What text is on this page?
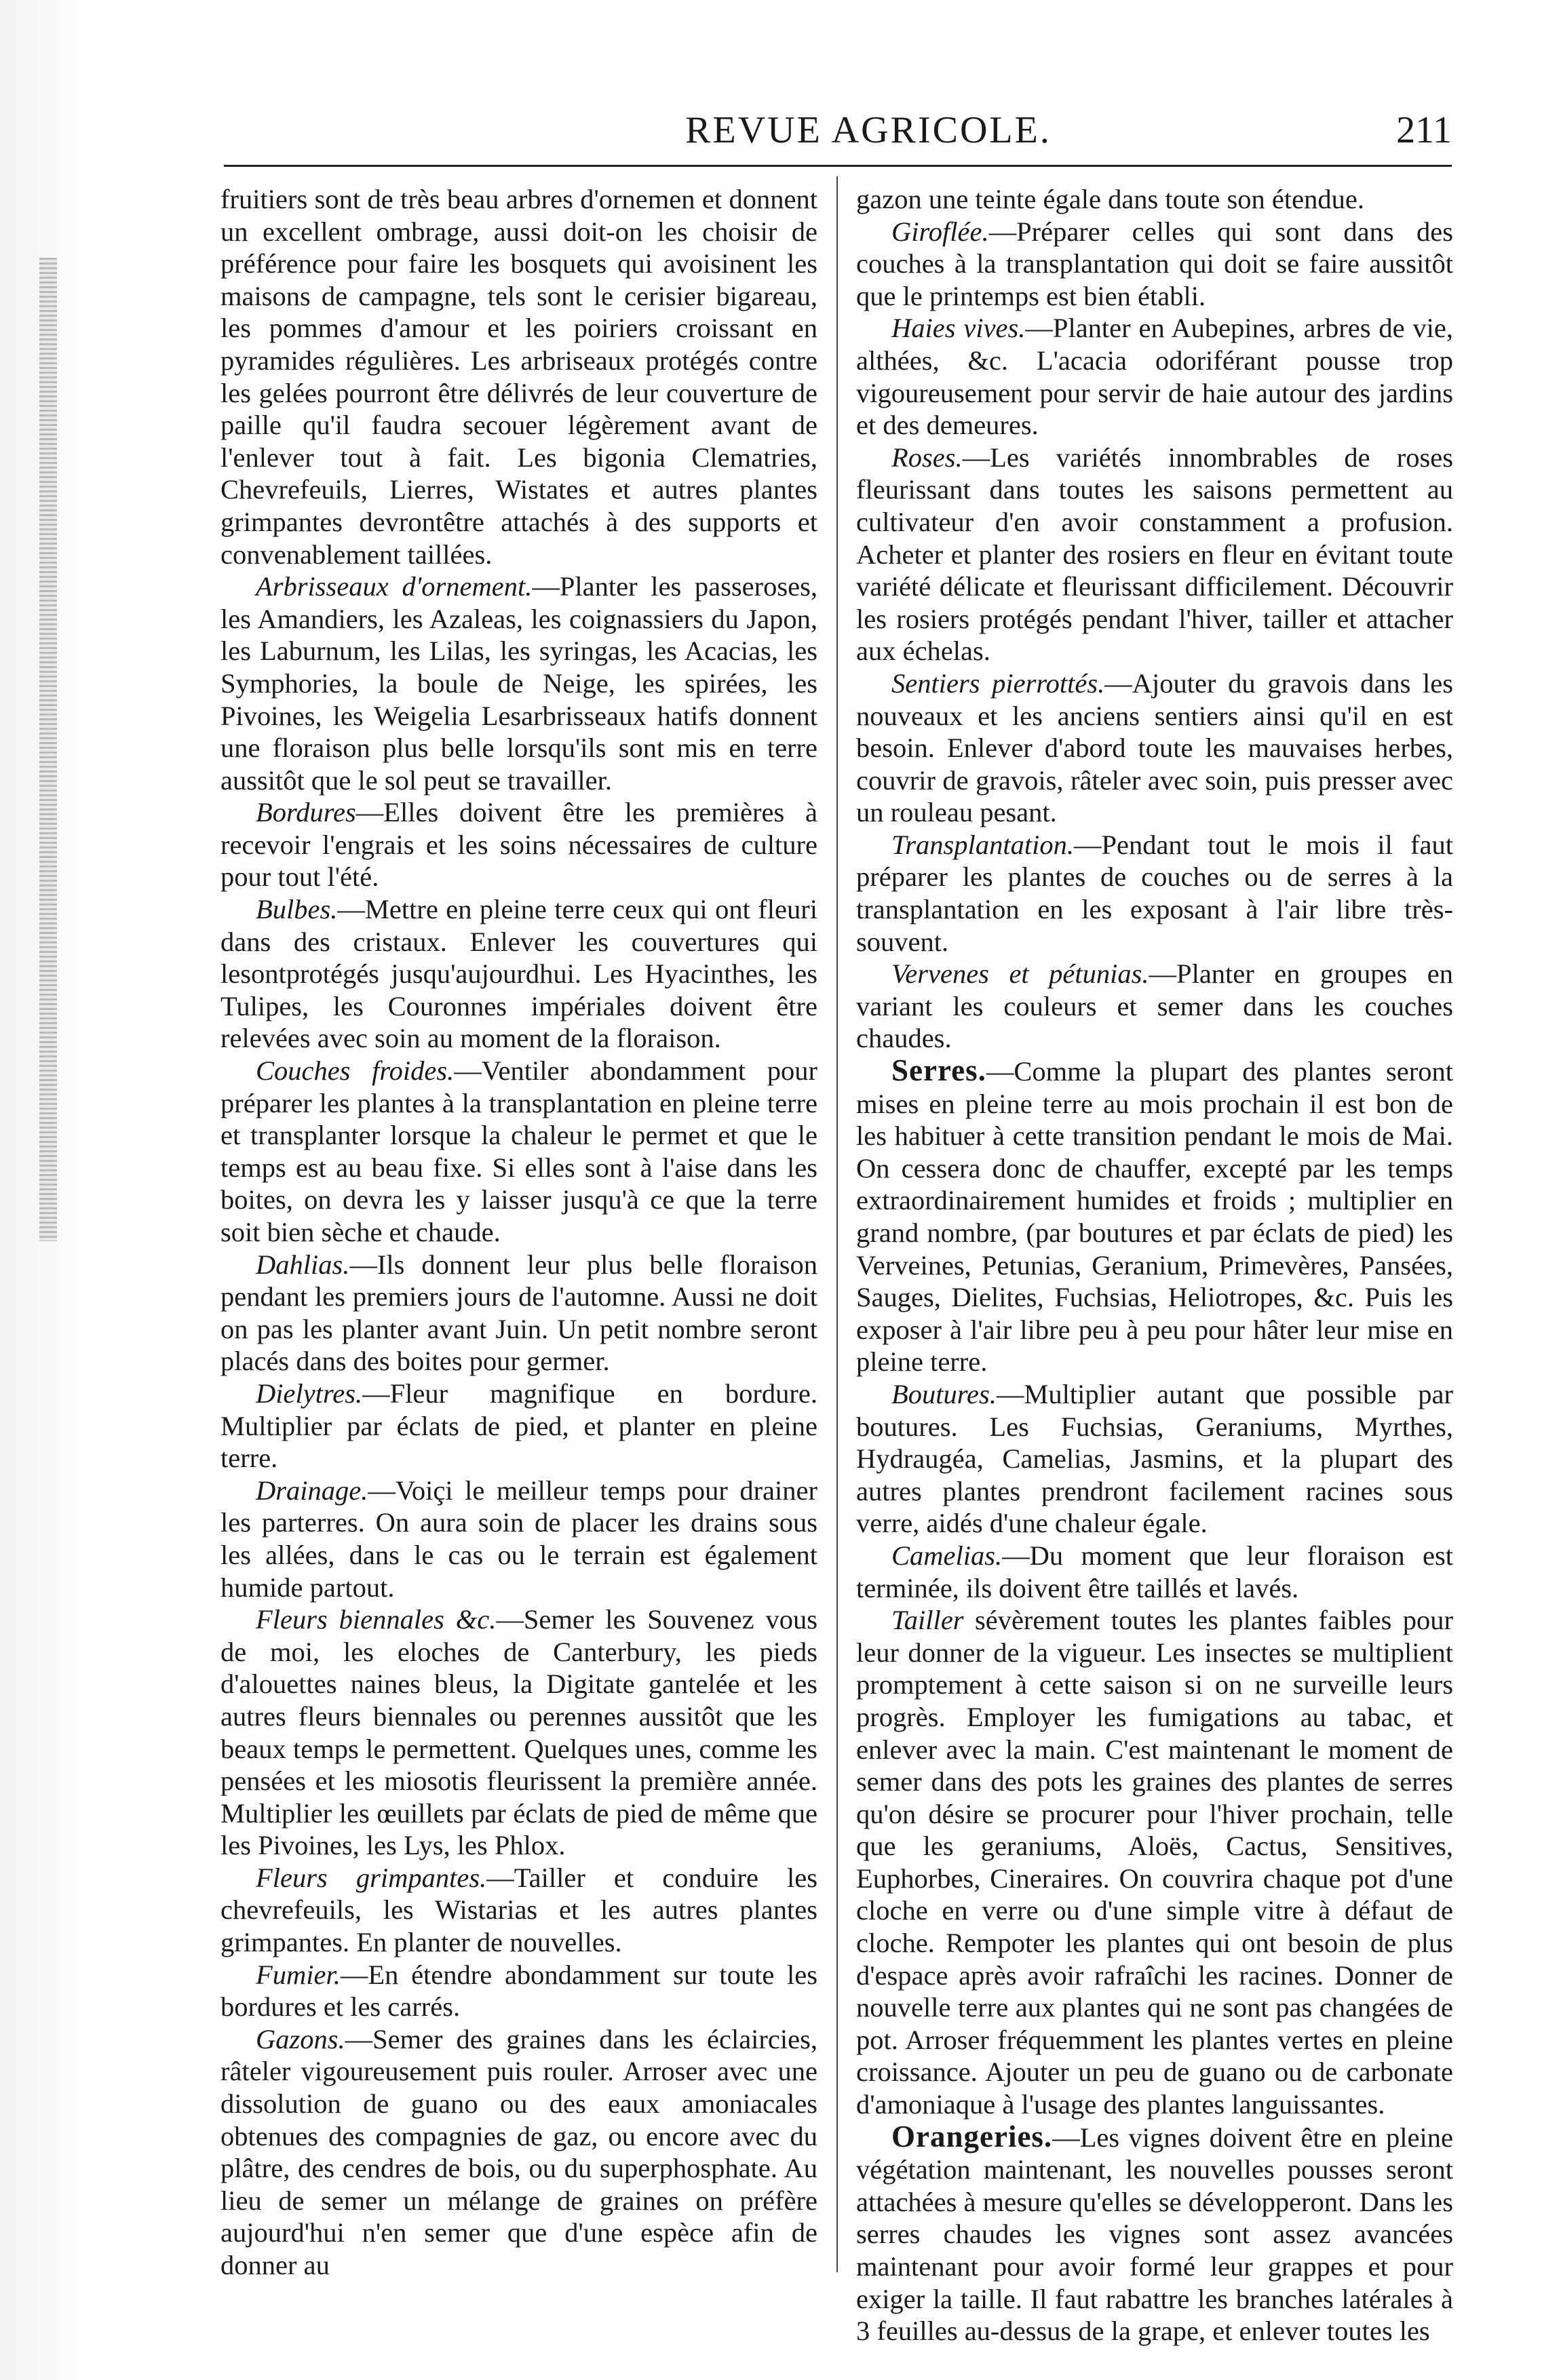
REVUE AGRICOLE.	211

fruitiers sont de très beau arbres d'ornemen et donnent un excellent ombrage, aussi doit-on les choisir de préférence pour faire les bosquets qui avoisinent les maisons de campagne, tels sont le cerisier bigareau, les pommes d'amour et les poiriers croissant en pyramides régulières. Les arbriseaux protégés contre les gelées pourront être délivrés de leur couverture de paille qu'il faudra secouer légèrement avant de l'enlever tout à fait. Les bigonia Clematries, Chevrefeuils, Lierres, Wistates et autres plantes grimpantes devrontêtre attachés à des supports et convenablement taillées.

Arbrisseaux d'ornement.—Planter les passeroses, les Amandiers, les Azaleas, les coignassiers du Japon, les Laburnum, les Lilas, les syringas, les Acacias, les Symphories, la boule de Neige, les spirées, les Pivoines, les Weigelia Lesarbrisseaux hatifs donnent une floraison plus belle lorsqu'ils sont mis en terre aussitôt que le sol peut se travailler.

Bordures—Elles doivent être les premières à recevoir l'engrais et les soins nécessaires de culture pour tout l'été.

Bulbes.—Mettre en pleine terre ceux qui ont fleuri dans des cristaux. Enlever les couvertures qui lesontprotégés jusqu'aujourdhui. Les Hyacinthes, les Tulipes, les Couronnes impériales doivent être relevées avec soin au moment de la floraison.

Couches froides.—Ventiler abondamment pour préparer les plantes à la transplantation en pleine terre et transplanter lorsque la chaleur le permet et que le temps est au beau fixe. Si elles sont à l'aise dans les boites, on devra les y laisser jusqu'à ce que la terre soit bien sèche et chaude.

Dahlias.—Ils donnent leur plus belle floraison pendant les premiers jours de l'automne. Aussi ne doit on pas les planter avant Juin. Un petit nombre seront placés dans des boites pour germer.

Dielytres.—Fleur magnifique en bordure. Multiplier par éclats de pied, et planter en pleine terre.

Drainage.—Voiçi le meilleur temps pour drainer les parterres. On aura soin de placer les drains sous les allées, dans le cas ou le terrain est également humide partout.

Fleurs biennales &c.—Semer les Souvenez vous de moi, les eloches de Canterbury, les pieds d'alouettes naines bleus, la Digitate gantelée et les autres fleurs biennales ou perennes aussitôt que les beaux temps le permettent. Quelques unes, comme les pensées et les miosotis fleurissent la première année. Multiplier les œuillets par éclats de pied de même que les Pivoines, les Lys, les Phlox.

Fleurs grimpantes.—Tailler et conduire les chevrefeuils, les Wistarias et les autres plantes grimpantes. En planter de nouvelles.

Fumier.—En étendre abondamment sur toute les bordures et les carrés.

Gazons.—Semer des graines dans les éclaircies, râteler vigoureusement puis rouler. Arroser avec une dissolution de guano ou des eaux amoniacales obtenues des compagnies de gaz, ou encore avec du plâtre, des cendres de bois, ou du superphosphate. Au lieu de semer un mélange de graines on préfère aujourd'hui n'en semer que d'une espèce afin de donner au

gazon une teinte égale dans toute son étendue.

Giroflée.—Préparer celles qui sont dans des couches à la transplantation qui doit se faire aussitôt que le printemps est bien établi.

Haies vives.—Planter en Aubepines, arbres de vie, althées, &c. L'acacia odoriférant pousse trop vigoureusement pour servir de haie autour des jardins et des demeures.

Roses.—Les variétés innombrables de roses fleurissant dans toutes les saisons permettent au cultivateur d'en avoir constamment a profusion. Acheter et planter des rosiers en fleur en évitant toute variété délicate et fleurissant difficilement. Découvrir les rosiers protégés pendant l'hiver, tailler et attacher aux échelas.

Sentiers pierrottés.—Ajouter du gravois dans les nouveaux et les anciens sentiers ainsi qu'il en est besoin. Enlever d'abord toute les mauvaises herbes, couvrir de gravois, râteler avec soin, puis presser avec un rouleau pesant.

Transplantation.—Pendant tout le mois il faut préparer les plantes de couches ou de serres à la transplantation en les exposant à l'air libre très-souvent.

Vervenes et pétunias.—Planter en groupes en variant les couleurs et semer dans les couches chaudes.

Serres.—Comme la plupart des plantes seront mises en pleine terre au mois prochain il est bon de les habituer à cette transition pendant le mois de Mai. On cessera donc de chauffer, excepté par les temps extraordinairement humides et froids ; multiplier en grand nombre, (par boutures et par éclats de pied) les Verveines, Petunias, Geranium, Primevères, Pansées, Sauges, Dielites, Fuchsias, Heliotropes, &c. Puis les exposer à l'air libre peu à peu pour hâter leur mise en pleine terre.

Boutures.—Multiplier autant que possible par boutures. Les Fuchsias, Geraniums, Myrthes, Hydraugéa, Camelias, Jasmins, et la plupart des autres plantes prendront facilement racines sous verre, aidés d'une chaleur égale.

Camelias.—Du moment que leur floraison est terminée, ils doivent être taillés et lavés.

Tailler sévèrement toutes les plantes faibles pour leur donner de la vigueur. Les insectes se multiplient promptement à cette saison si on ne surveille leurs progrès. Employer les fumigations au tabac, et enlever avec la main. C'est maintenant le moment de semer dans des pots les graines des plantes de serres qu'on désire se procurer pour l'hiver prochain, telle que les geraniums, Aloës, Cactus, Sensitives, Euphorbes, Cineraires. On couvrira chaque pot d'une cloche en verre ou d'une simple vitre à défaut de cloche. Rempoter les plantes qui ont besoin de plus d'espace après avoir rafraîchi les racines. Donner de nouvelle terre aux plantes qui ne sont pas changées de pot. Arroser fréquemment les plantes vertes en pleine croissance. Ajouter un peu de guano ou de carbonate d'amoniaque à l'usage des plantes languissantes.

Orangeries.—Les vignes doivent être en pleine végétation maintenant, les nouvelles pousses seront attachées à mesure qu'elles se développeront. Dans les serres chaudes les vignes sont assez avancées maintenant pour avoir formé leur grappes et pour exiger la taille. Il faut rabattre les branches latérales à 3 feuilles au-dessus de la grape, et enlever toutes les
